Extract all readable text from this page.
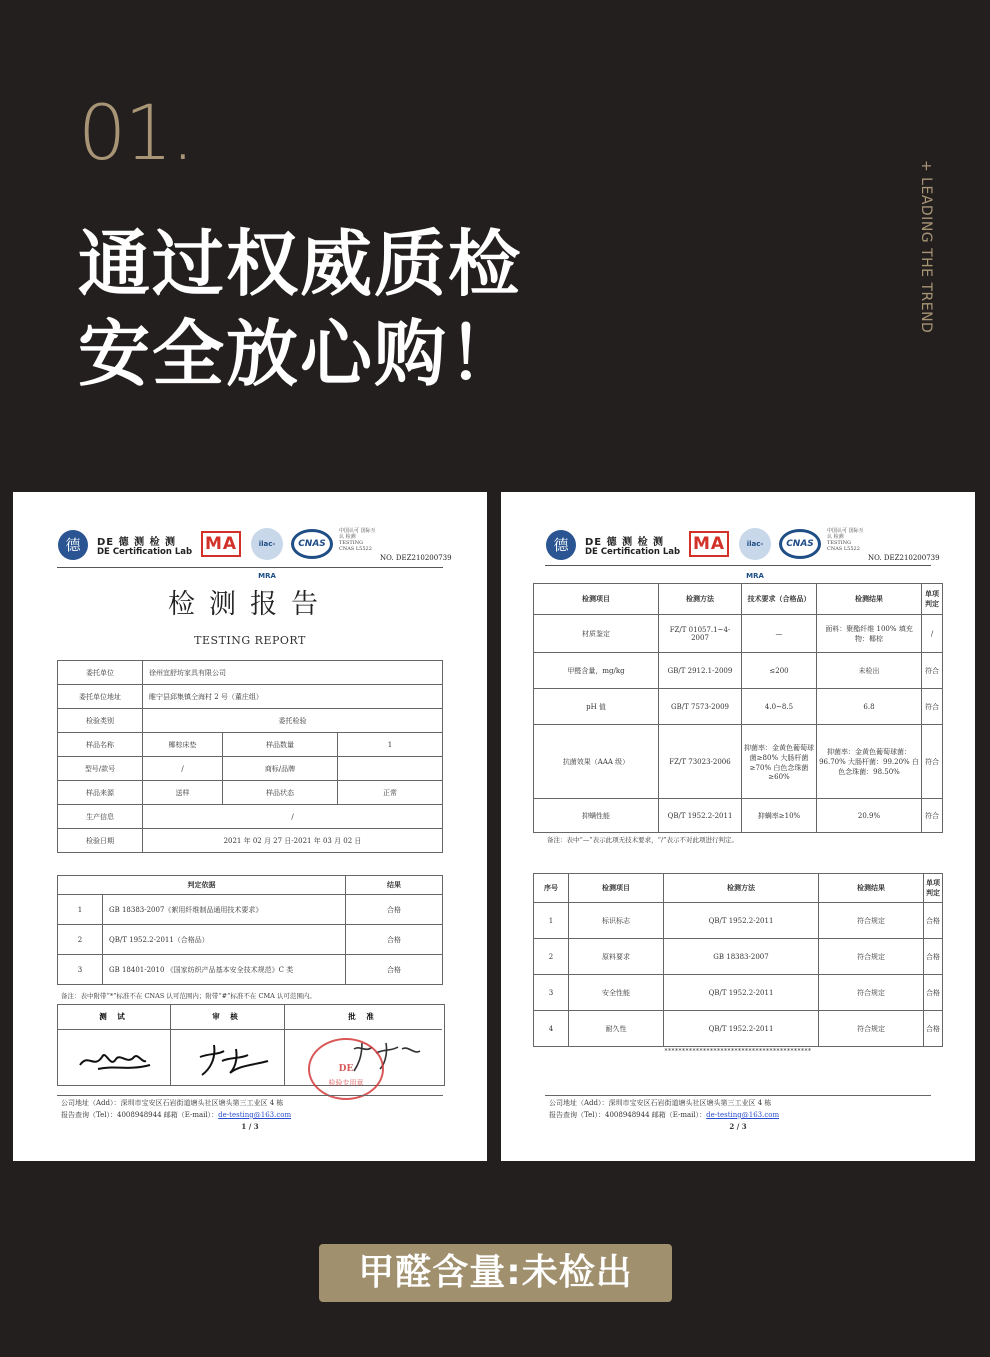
01.
通过权威质检
安全放心购！
+ LEADING THE TREND
德	DE 德 测 检 测
DE Certification Lab MA	ilac-MRA
CNAS
中国认可 国际互认 检测 TESTING CNAS L5522
NO. DEZ210200739
检测报告
TESTING REPORT
委托单位	徐州宜舒坊家具有限公司		
委托单位地址	睢宁县邱集镇仝海村 2 号（董庄组）		
检验类别	委托检验		
样品名称	椰棕床垫	样品数量	1
型号/款号	/	商标/品牌	
样品来源	送样	样品状态	正常
生产信息	/		
检验日期	2021 年 02 月 27 日-2021 年 03 月 02 日		
判定依据		结果
1	GB 18383-2007《絮用纤维制品通用技术要求》	合格
2	QB/T 1952.2-2011（合格品）	合格
3	GB 18401-2010 《国家纺织产品基本安全技术规范》C 类	合格
备注：表中附带“*”标准不在 CNAS 认可范围内；附带“#”标准不在 CMA 认可范围内。
测 试	审 核	批 准
DE
检验专用章
公司地址（Add）：深圳市宝安区石岩街道塘头社区塘头第三工业区 4 栋
报告查询（Tel）：4008948944 邮箱（E-mail）：de-testing@163.com
1 / 3
德	DE 德 测 检 测
DE Certification Lab MA	ilac-MRA
CNAS
中国认可 国际互认 检测 TESTING CNAS L5522
NO. DEZ210200739
检测项目	检测方法	技术要求（合格品）	检测结果	单项判定
材质鉴定	FZ/T 01057.1~4-2007	—	面料：聚酯纤维 100% 填充物：椰棕	/
甲醛含量，mg/kg	GB/T 2912.1-2009	≤200	未检出	符合
pH 值	GB/T 7573-2009	4.0~8.5	6.8	符合
抗菌效果（AAA 级）	FZ/T 73023-2006	抑菌率：金黄色葡萄球菌≥80% 大肠杆菌≥70% 白色念珠菌≥60%	抑菌率：金黄色葡萄球菌：96.70% 大肠杆菌：99.20% 白色念珠菌：98.50%	符合
抑螨性能	QB/T 1952.2-2011	抑螨率≥10%	20.9%	符合
备注：表中“—”表示此项无技术要求，“/”表示不对此项进行判定。
序号	检测项目	检测方法	检测结果	单项判定
1	标识标志	QB/T 1952.2-2011	符合规定	合格
2	原料要求	GB 18383-2007	符合规定	合格
3	安全性能	QB/T 1952.2-2011	符合规定	合格
4	耐久性	QB/T 1952.2-2011	符合规定	合格
******************************************
公司地址（Add）：深圳市宝安区石岩街道塘头社区塘头第三工业区 4 栋
报告查询（Tel）：4008948944 邮箱（E-mail）：de-testing@163.com
2 / 3
甲醛含量:未检出
